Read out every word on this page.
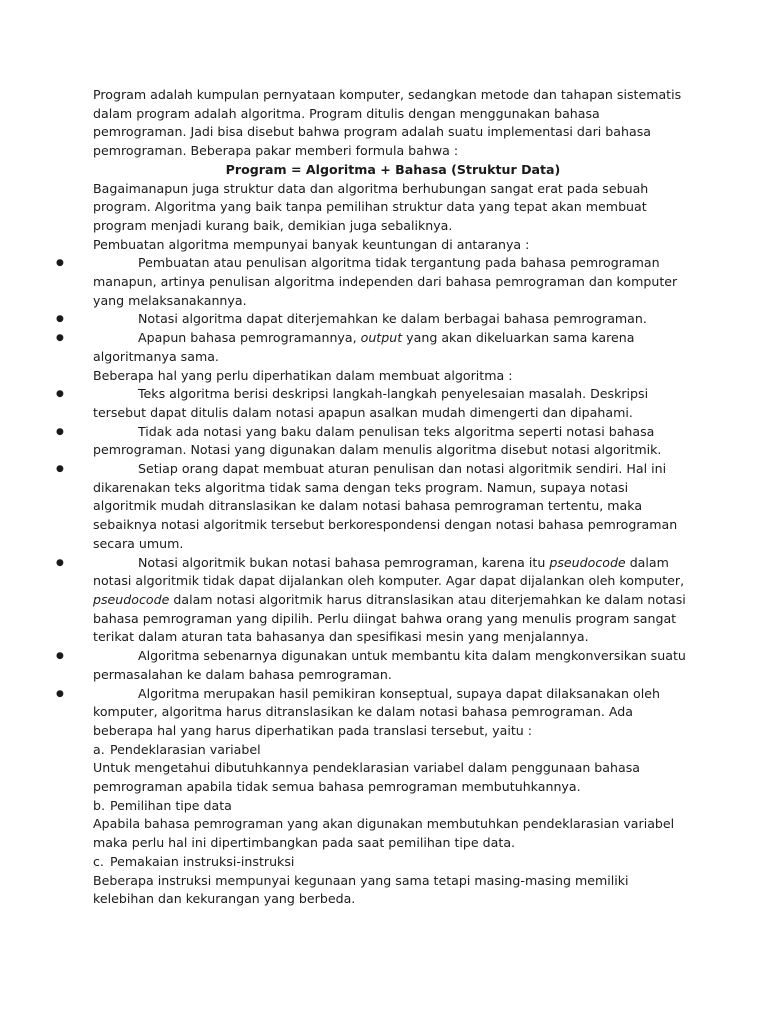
Program adalah kumpulan pernyataan komputer, sedangkan metode dan tahapan sistematis dalam program adalah algoritma. Program ditulis dengan menggunakan bahasa pemrograman. Jadi bisa disebut bahwa program adalah suatu implementasi dari bahasa pemrograman. Beberapa pakar memberi formula bahwa :

Program = Algoritma + Bahasa (Struktur Data)

Bagaimanapun juga struktur data dan algoritma berhubungan sangat erat pada sebuah program. Algoritma yang baik tanpa pemilihan struktur data yang tepat akan membuat program menjadi kurang baik, demikian juga sebaliknya.

Pembuatan algoritma mempunyai banyak keuntungan di antaranya :

●	Pembuatan atau penulisan algoritma tidak tergantung pada bahasa pemrograman manapun, artinya penulisan algoritma independen dari bahasa pemrograman dan komputer yang melaksanakannya.
●	Notasi algoritma dapat diterjemahkan ke dalam berbagai bahasa pemrograman.
●	Apapun bahasa pemrogramannya, output yang akan dikeluarkan sama karena algoritmanya sama.

Beberapa hal yang perlu diperhatikan dalam membuat algoritma :

●	Teks algoritma berisi deskripsi langkah-langkah penyelesaian masalah. Deskripsi tersebut dapat ditulis dalam notasi apapun asalkan mudah dimengerti dan dipahami.
●	Tidak ada notasi yang baku dalam penulisan teks algoritma seperti notasi bahasa pemrograman. Notasi yang digunakan dalam menulis algoritma disebut notasi algoritmik.
●	Setiap orang dapat membuat aturan penulisan dan notasi algoritmik sendiri. Hal ini dikarenakan teks algoritma tidak sama dengan teks program. Namun, supaya notasi algoritmik mudah ditranslasikan ke dalam notasi bahasa pemrograman tertentu, maka sebaiknya notasi algoritmik tersebut berkorespondensi dengan notasi bahasa pemrograman secara umum.
●	Notasi algoritmik bukan notasi bahasa pemrograman, karena itu pseudocode dalam notasi algoritmik tidak dapat dijalankan oleh komputer. Agar dapat dijalankan oleh komputer, pseudocode dalam notasi algoritmik harus ditranslasikan atau diterjemahkan ke dalam notasi bahasa pemrograman yang dipilih. Perlu diingat bahwa orang yang menulis program sangat terikat dalam aturan tata bahasanya dan spesifikasi mesin yang menjalannya.
●	Algoritma sebenarnya digunakan untuk membantu kita dalam mengkonversikan suatu permasalahan ke dalam bahasa pemrograman.
●	Algoritma merupakan hasil pemikiran konseptual, supaya dapat dilaksanakan oleh komputer, algoritma harus ditranslasikan ke dalam notasi bahasa pemrograman. Ada beberapa hal yang harus diperhatikan pada translasi tersebut, yaitu :

a. Pendeklarasian variabel

Untuk mengetahui dibutuhkannya pendeklarasian variabel dalam penggunaan bahasa pemrograman apabila tidak semua bahasa pemrograman membutuhkannya.

b. Pemilihan tipe data

Apabila bahasa pemrograman yang akan digunakan membutuhkan pendeklarasian variabel maka perlu hal ini dipertimbangkan pada saat pemilihan tipe data.

c. Pemakaian instruksi-instruksi

Beberapa instruksi mempunyai kegunaan yang sama tetapi masing-masing memiliki kelebihan dan kekurangan yang berbeda.
